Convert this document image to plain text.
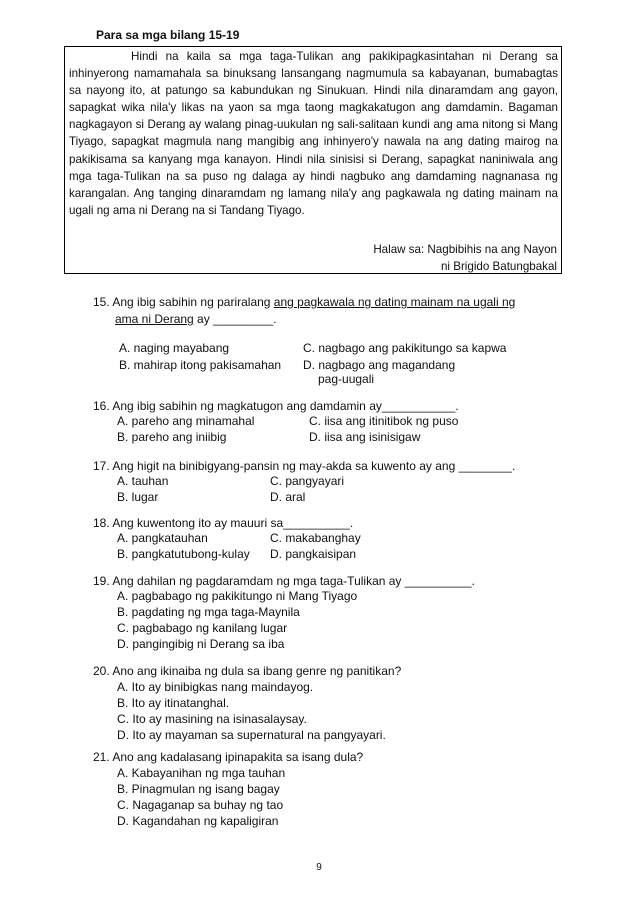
Para sa mga bilang 15-19

Hindi na kaila sa mga taga-Tulikan ang pakikipagkasintahan ni Derang sa inhinyerong namamahala sa binuksang lansangang nagmumula sa kabayanan, bumabagtas sa nayong ito, at patungo sa kabundukan ng Sinukuan. Hindi nila dinaramdam ang gayon, sapagkat wika nila'y likas na yaon sa mga taong magkakatugon ang damdamin. Bagaman nagkagayon si Derang ay walang pinag-uukulan ng sali-salitaan kundi ang ama nitong si Mang Tiyago, sapagkat magmula nang mangibig ang inhinyero'y nawala na ang dating mairog na pakikisama sa kanyang mga kanayon. Hindi nila sinisisi si Derang, sapagkat naniniwala ang mga taga-Tulikan na sa puso ng dalaga ay hindi nagbuko ang damdaming nagnanasa ng karangalan. Ang tanging dinaramdam ng lamang nila'y ang pagkawala ng dating mainam na ugali ng ama ni Derang na si Tandang Tiyago.

Halaw sa: Nagbibihis na ang Nayon
ni Brigido Batungbakal
15. Ang ibig sabihin ng pariralang ang pagkawala ng dating mainam na ugali ng
ama ni Derang ay _________.
A. naging mayabang
B. mahirap itong pakisamahan
C. nagbago ang pakikitungo sa kapwa
D. nagbago ang magandang
pag-uugali
16. Ang ibig sabihin ng magkatugon ang damdamin ay___________.
A. pareho ang minamahal
B. pareho ang iniibig
C. iisa ang itinitibok ng puso
D. iisa ang isinisigaw
17. Ang higit na binibigyang-pansin ng may-akda sa kuwento ay ang ________.
A. tauhan
B. lugar
C. pangyayari
D. aral
18. Ang kuwentong ito ay mauuri sa__________.
A. pangkatauhan
B. pangkatutubong-kulay
C. makabanghay
D. pangkaisipan
19. Ang dahilan ng pagdaramdam ng mga taga-Tulikan ay __________.
A. pagbabago ng pakikitungo ni Mang Tiyago
B. pagdating ng mga taga-Maynila
C. pagbabago ng kanilang lugar
D. pangingibig ni Derang sa iba
20. Ano ang ikinaiba ng dula sa ibang genre ng panitikan?
A. Ito ay binibigkas nang maindayog.
B. Ito ay itinatanghal.
C. Ito ay masining na isinasalaysay.
D. Ito ay mayaman sa supernatural na pangyayari.
21. Ano ang kadalasang ipinapakita sa isang dula?
A. Kabayanihan ng mga tauhan
B. Pinagmulan ng isang bagay
C. Nagaganap sa buhay ng tao
D. Kagandahan ng kapaligiran
9
